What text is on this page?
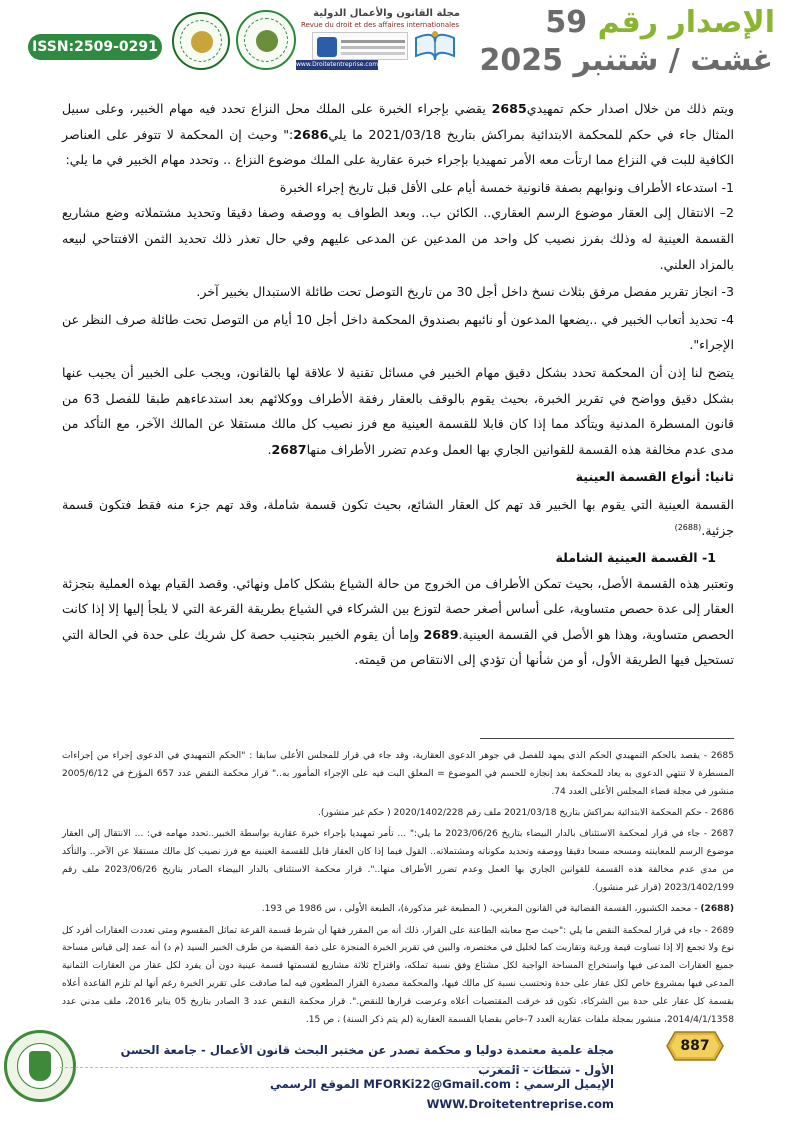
ISSN:2509-0291
مجلة القانون والأعمال الدولية
Revue du droit et des affaires internationales
www.Droitetentreprise.com
الإصدار رقم 59
غشت / شتنبر 2025

ويتم ذلك من خلال اصدار حكم تمهيدي2685 يقضي بإجراء الخبرة على الملك محل النزاع تحدد فيه مهام الخبير، وعلى سبيل المثال جاء في حكم للمحكمة الابتدائية بمراكش بتاريخ 2021/03/18 ما يلي2686:" وحيث إن المحكمة لا تتوفر على العناصر الكافية للبت في النزاع مما ارتأت معه الأمر تمهيديا بإجراء خبرة عقارية على الملك موضوع النزاع .. وتحدد مهام الخبير في ما يلي:

1- استدعاء الأطراف ونوابهم بصفة قانونية خمسة أيام على الأقل قبل تاريخ إجراء الخبرة

2– الانتقال إلى العقار موضوع الرسم العقاري.. الكائن ب.. وبعد الطواف به ووصفه وصفا دقيقا وتحديد مشتملاته وضع مشاريع القسمة العينية له وذلك بفرز نصيب كل واحد من المدعين عن المدعى عليهم وفي حال تعذر ذلك تحديد الثمن الافتتاحي لبيعه بالمزاد العلني.

3- انجاز تقرير مفصل مرفق بثلاث نسخ داخل أجل 30 من تاريخ التوصل تحت طائلة الاستبدال بخبير آخر.

4- تحديد أتعاب الخبير في ..يضعها المدعون أو نائبهم بصندوق المحكمة داخل أجل 10 أيام من التوصل تحت طائلة صرف النظر عن الإجراء".

يتضح لنا إذن أن المحكمة تحدد بشكل دقيق مهام الخبير في مسائل تقنية لا علاقة لها بالقانون، ويجب على الخبير أن يجيب عنها بشكل دقيق وواضح في تقرير الخبرة، بحيث يقوم بالوقف بالعقار رفقة الأطراف ووكلائهم بعد استدعاءهم طبقا للفصل 63 من قانون المسطرة المدنية ويتأكد مما إذا كان قابلا للقسمة العينية مع فرز نصيب كل مالك مستقلا عن المالك الآخر، مع التأكد من مدى عدم مخالفة هذه القسمة للقوانين الجاري بها العمل وعدم تضرر الأطراف منها2687.

ثانيا: أنواع القسمة العينية

القسمة العينية التي يقوم بها الخبير قد تهم كل العقار الشائع، بحيث تكون قسمة شاملة، وقد تهم جزء منه فقط فتكون قسمة جزئية.$^{(2688)}$

1- القسمة العينية الشاملة

وتعتبر هذه القسمة الأصل، بحيث تمكن الأطراف من الخروج من حالة الشياع بشكل كامل ونهائي. وقصد القيام بهذه العملية بتجزئة العقار إلى عدة حصص متساوية، على أساس أصغر حصة لتوزع بين الشركاء في الشياع بطريقة القرعة التي لا يلجأ إليها إلا إذا كانت الحصص متساوية، وهذا هو الأصل في القسمة العينية.2689 وإما أن يقوم الخبير بتجنيب حصة كل شريك على حدة في الحالة التي تستحيل فيها الطريقة الأول، أو من شأنها أن تؤدي إلى الانتقاص من قيمته.

2685 - يقصد بالحكم التمهيدي الحكم الذي يمهد للفصل في جوهر الدعوى العقارية، وقد جاء في قرار للمجلس الأعلى سابقا : "الحكم التمهيدي في الدعوى إجراء من إجراءات المسطرة لا تنتهي الدعوى به يعاد للمحكمة بعد إنجازه للحسم في الموضوع = المعلق البت فيه على الإجراء المأمور به.." قرار محكمة النقض عدد 657 المؤرخ في 2005/6/12 منشور في مجلة قضاء المجلس الأعلى العدد 74.

2686 - حكم المحكمة الابتدائية بمراكش بتاريخ 2021/03/18 ملف رقم 2020/1402/228 ( حكم غير منشور).

2687 - جاء في قرار لمحكمة الاستئناف بالدار البيضاء بتاريخ 2023/06/26 ما يلي:" ... تأمر تمهيديا بإجراء خبرة عقارية بواسطة الخبير..تحدد مهامه في: ... الانتقال إلى العقار موضوع الرسم للمعاينته ومسحه مسحا دقيقا ووصفه وتحديد مكوناته ومشتملاته.. القول فيما إذا كان العقار قابل للقسمة العينية مع فرز نصيب كل مالك مستقلا عن الآخر.. والتأكد من مدى عدم مخالفة هذه القسمة للقوانين الجاري بها العمل وعدم تضرر الأطراف منها..". قرار محكمة الاستئناف بالدار البيضاء الصادر بتاريخ 2023/06/26 ملف رقم 2023/1402/199 (قرار غير منشور).

(2688) - محمد الكشبور، القسمة القضائية في القانون المغربي، ( المطبعة غير مذكورة)، الطبعة الأولى ، س 1986 ص 193.

2689 - جاء في قرار لمحكمة النقض ما يلي :"حيث صح معابته الطاعنة على القرار، ذلك أنه من المقرر فقها أن شرط قسمة القرعة تماثل المقسوم ومتى تعددت العقارات أفرد كل نوع ولا تجمع إلا إذا تساوت قيمة ورغبة وتقاربت كما لخليل في مختصره، والبين في تقرير الخبرة المنجزة على ذمة القضية من طرف الخبير السيد (م د) أنه عمد إلى قياس مساحة جميع العقارات المدعى فيها واستخراج المساحة الواجبة لكل مشتاع وفق نسبة تملكه، واقتراح ثلاثة مشاريع لقسمتها قسمة عينية دون أن يفرد لكل عقار من العقارات الثمانية المدعى فيها بمشروع خاص لكل عقار على حدة وتحتسب نسبة كل مالك فيها، والمحكمة مصدرة القرار المطعون فيه لما صادقت على تقرير الخبرة رغم أنها لم تلزم القاعدة أعلاه بقسمة كل عقار على حدة بين الشركاء، تكون قد خرقت المقتضيات أعلاه وعرضت قرارها للنقض.". قرار محكمة النقض عدد 3 الصادر بتاريخ 05 يناير 2016، ملف مدني عدد 2014/4/1/1358، منشور بمجلة ملفات عقارية العدد 7-خاص بقضايا القسمة العقارية (لم يتم ذكر السنة) ، ص 15.

887
مجلة علمية معتمدة دوليا و محكمة تصدر عن مختبر البحث قانون الأعمال - جامعة الحسن الأول - سطات - المغرب
الإيميل الرسمي : MFORKi22@Gmail.com الموقع الرسمي WWW.Droitetentreprise.com
